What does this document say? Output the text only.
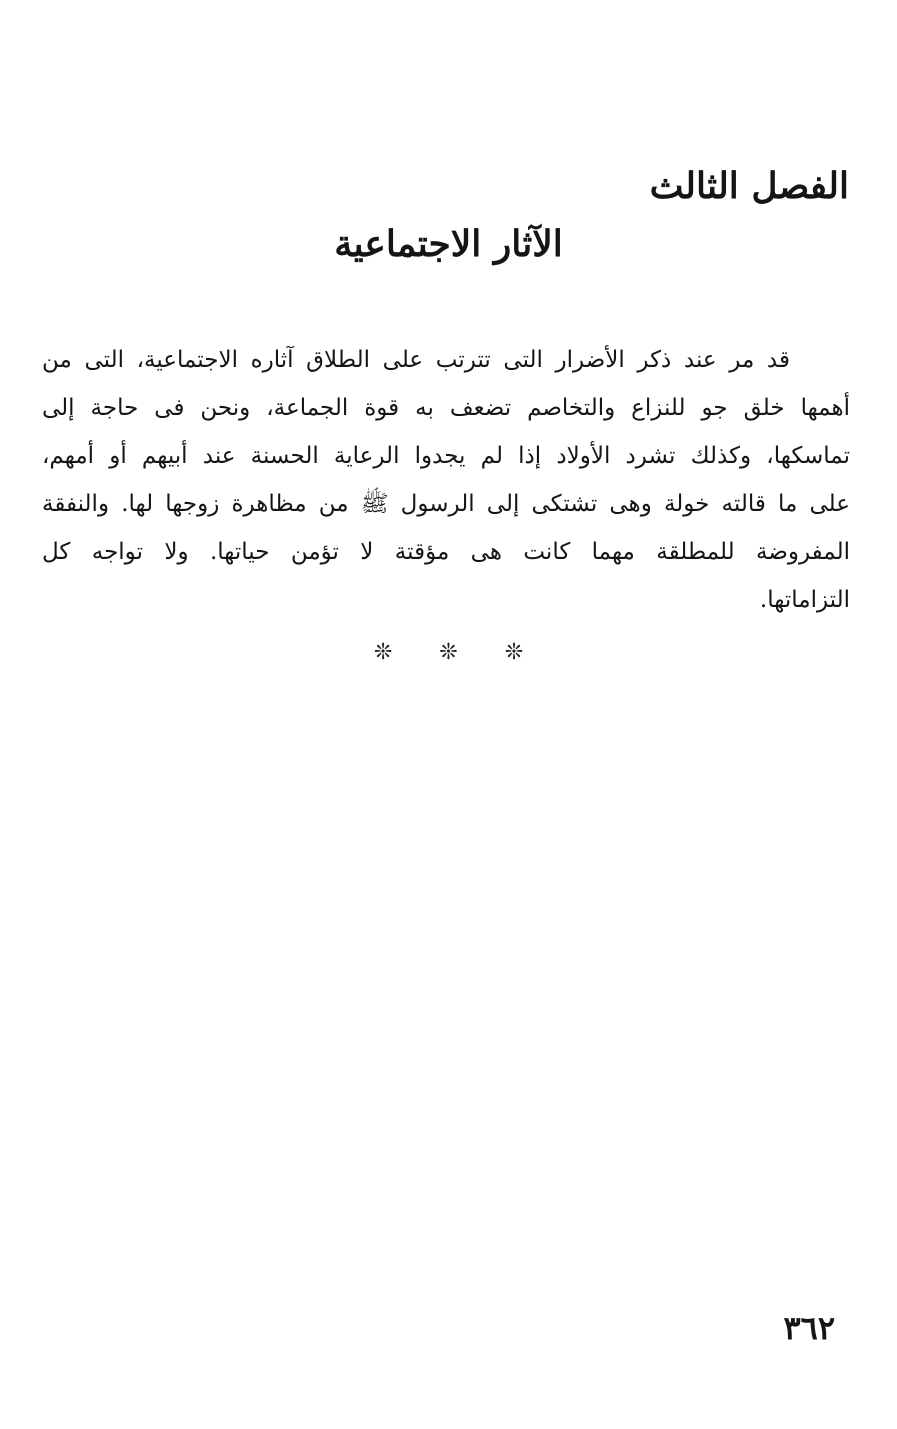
الفصل الثالث
الآثار الاجتماعية
قد مر عند ذكر الأضرار التى تترتب على الطلاق آثاره الاجتماعية، التى من
أهمها خلق جو للنزاع والتخاصم تضعف به قوة الجماعة، ونحن فى حاجة إلى
تماسكها، وكذلك تشرد الأولاد إذا لم يجدوا الرعاية الحسنة عند أبيهم أو أمهم،
على ما قالته خولة وهى تشتكى إلى الرسول ﷺ من مظاهرة زوجها لها. والنفقة
المفروضة للمطلقة مهما كانت هى مؤقتة لا تؤمن حياتها. ولا تواجه كل
التزاماتها.
❊ ❊ ❊
٣٦٢
